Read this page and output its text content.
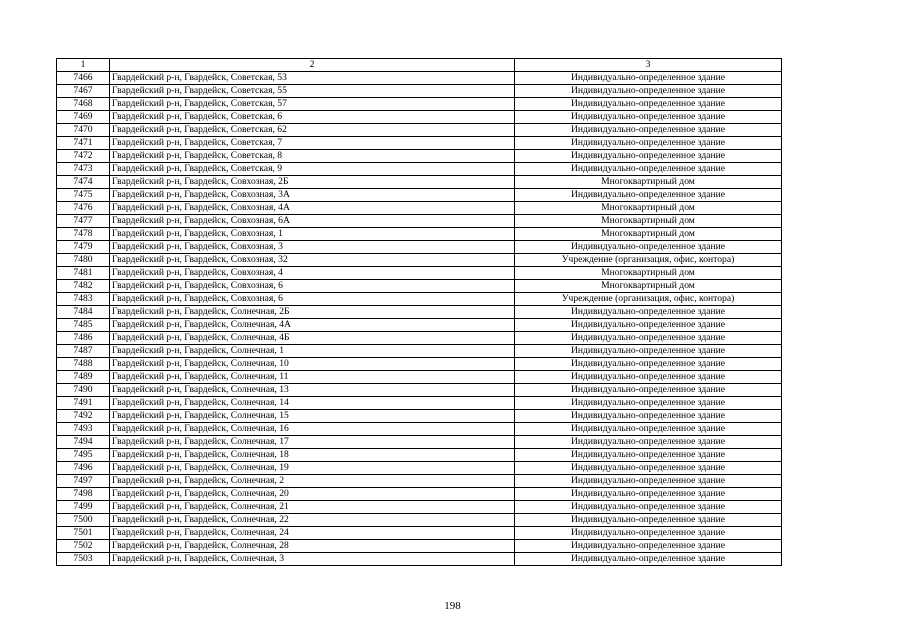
1	2	3
7466	Гвардейский р-н, Гвардейск, Советская, 53	Индивидуально-определенное здание
7467	Гвардейский р-н, Гвардейск, Советская, 55	Индивидуально-определенное здание
7468	Гвардейский р-н, Гвардейск, Советская, 57	Индивидуально-определенное здание
7469	Гвардейский р-н, Гвардейск, Советская, 6	Индивидуально-определенное здание
7470	Гвардейский р-н, Гвардейск, Советская, 62	Индивидуально-определенное здание
7471	Гвардейский р-н, Гвардейск, Советская, 7	Индивидуально-определенное здание
7472	Гвардейский р-н, Гвардейск, Советская, 8	Индивидуально-определенное здание
7473	Гвардейский р-н, Гвардейск, Советская, 9	Индивидуально-определенное здание
7474	Гвардейский р-н, Гвардейск, Совхозная, 2Б	Многоквартирный дом
7475	Гвардейский р-н, Гвардейск, Совхозная, 3А	Индивидуально-определенное здание
7476	Гвардейский р-н, Гвардейск, Совхозная, 4А	Многоквартирный дом
7477	Гвардейский р-н, Гвардейск, Совхозная, 6А	Многоквартирный дом
7478	Гвардейский р-н, Гвардейск, Совхозная, 1	Многоквартирный дом
7479	Гвардейский р-н, Гвардейск, Совхозная, 3	Индивидуально-определенное здание
7480	Гвардейский р-н, Гвардейск, Совхозная, 32	Учреждение (организация, офис, контора)
7481	Гвардейский р-н, Гвардейск, Совхозная, 4	Многоквартирный дом
7482	Гвардейский р-н, Гвардейск, Совхозная, 6	Многоквартирный дом
7483	Гвардейский р-н, Гвардейск, Совхозная, 6	Учреждение (организация, офис, контора)
7484	Гвардейский р-н, Гвардейск, Солнечная, 2Б	Индивидуально-определенное здание
7485	Гвардейский р-н, Гвардейск, Солнечная, 4А	Индивидуально-определенное здание
7486	Гвардейский р-н, Гвардейск, Солнечная, 4Б	Индивидуально-определенное здание
7487	Гвардейский р-н, Гвардейск, Солнечная, 1	Индивидуально-определенное здание
7488	Гвардейский р-н, Гвардейск, Солнечная, 10	Индивидуально-определенное здание
7489	Гвардейский р-н, Гвардейск, Солнечная, 11	Индивидуально-определенное здание
7490	Гвардейский р-н, Гвардейск, Солнечная, 13	Индивидуально-определенное здание
7491	Гвардейский р-н, Гвардейск, Солнечная, 14	Индивидуально-определенное здание
7492	Гвардейский р-н, Гвардейск, Солнечная, 15	Индивидуально-определенное здание
7493	Гвардейский р-н, Гвардейск, Солнечная, 16	Индивидуально-определенное здание
7494	Гвардейский р-н, Гвардейск, Солнечная, 17	Индивидуально-определенное здание
7495	Гвардейский р-н, Гвардейск, Солнечная, 18	Индивидуально-определенное здание
7496	Гвардейский р-н, Гвардейск, Солнечная, 19	Индивидуально-определенное здание
7497	Гвардейский р-н, Гвардейск, Солнечная, 2	Индивидуально-определенное здание
7498	Гвардейский р-н, Гвардейск, Солнечная, 20	Индивидуально-определенное здание
7499	Гвардейский р-н, Гвардейск, Солнечная, 21	Индивидуально-определенное здание
7500	Гвардейский р-н, Гвардейск, Солнечная, 22	Индивидуально-определенное здание
7501	Гвардейский р-н, Гвардейск, Солнечная, 24	Индивидуально-определенное здание
7502	Гвардейский р-н, Гвардейск, Солнечная, 28	Индивидуально-определенное здание
7503	Гвардейский р-н, Гвардейск, Солнечная, 3	Индивидуально-определенное здание
198
